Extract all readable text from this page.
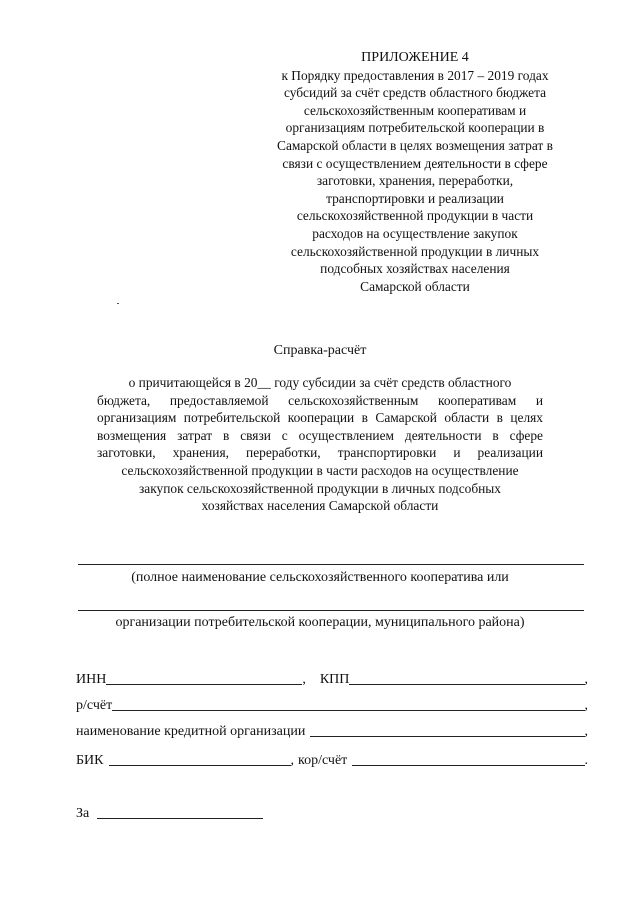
ПРИЛОЖЕНИЕ 4
к Порядку предоставления в 2017 – 2019 годах
субсидий за счёт средств областного бюджета
сельскохозяйственным кооперативам и
организациям потребительской кооперации в
Самарской области в целях возмещения затрат в
связи с осуществлением деятельности в сфере
заготовки, хранения, переработки,
транспортировки и реализации
сельскохозяйственной продукции в части
расходов на осуществление закупок
сельскохозяйственной продукции в личных
подсобных хозяйствах населения
Самарской области
Справка-расчёт
о причитающейся в 20__ году субсидии за счёт средств областного
бюджета, предоставляемой сельскохозяйственным кооперативам и
организациям потребительской кооперации в Самарской области в целях
возмещения затрат в связи с осуществлением деятельности в сфере
заготовки, хранения, переработки, транспортировки и реализации
сельскохозяйственной продукции в части расходов на осуществление
закупок сельскохозяйственной продукции в личных подсобных
хозяйствах населения Самарской области
(полное наименование сельскохозяйственного кооператива или
организации потребительской кооперации, муниципального района)
ИНН	, КПП	,
р/счёт	,
наименование кредитной организации	,
БИК	, кор/счёт	.
За
